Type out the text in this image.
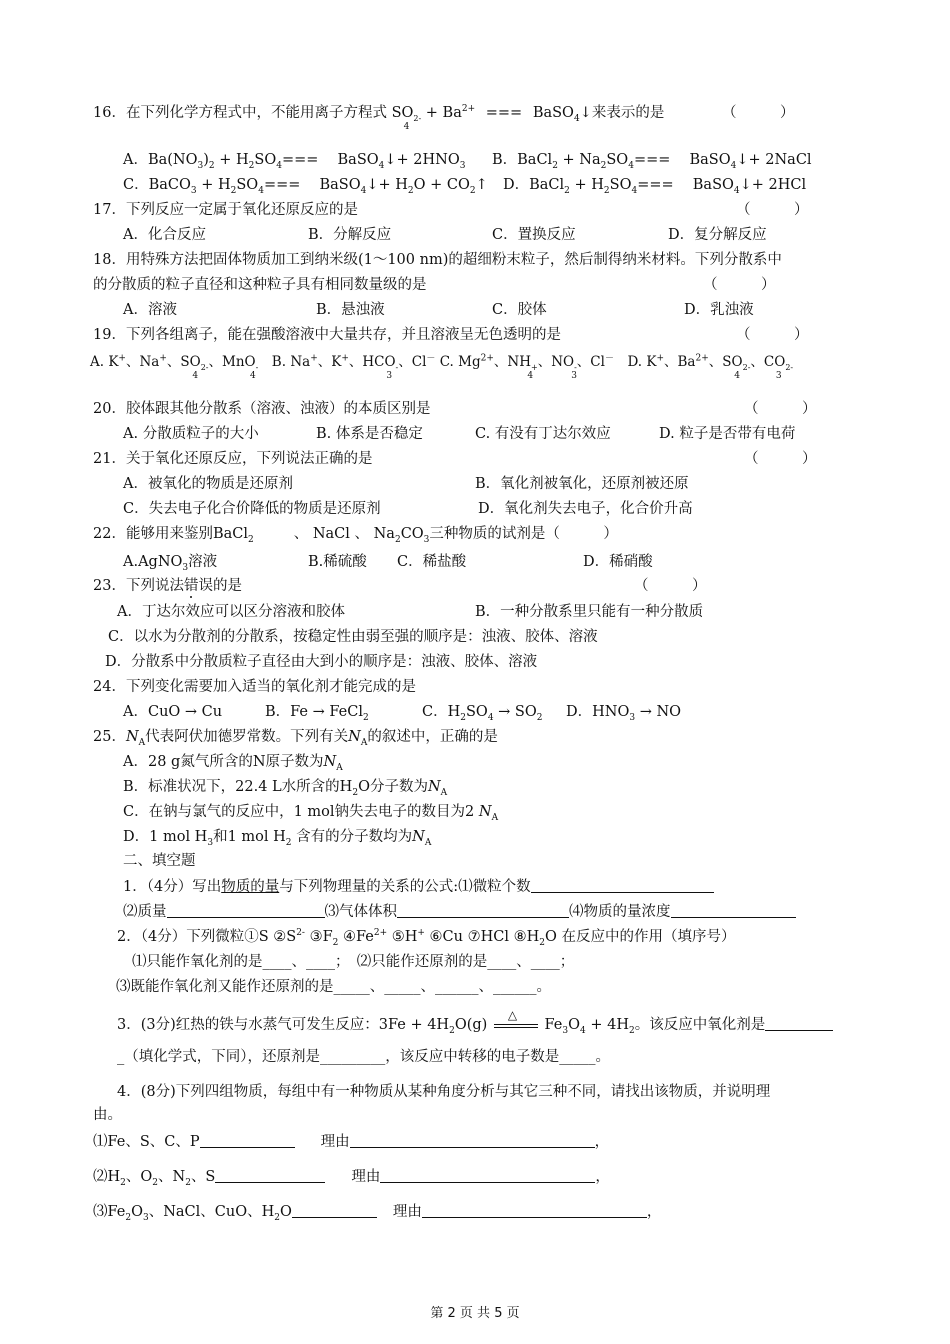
16．在下列化学方程式中，不能用离子方程式 $SO_{2-}$
4
+ $Ba^{2+}$ === BaSO$_4$↓来表示的是	（　　　）
A．$Ba(NO_3)_2 + H_2SO_4===$　 BaSO$_4$↓+ $2HNO_3$ B．BaCl$_2$ + $Na_2SO_4===$　 BaSO$_4$↓+ 2NaCl
C．BaCO$_3$ + $H_2SO_4===$　 BaSO$_4$↓+ $H_2O$ + $CO_2↑$ D．BaCl$_2$ + $H_2SO_4===$　 BaSO$_4$↓+ 2HCl
17．下列反应一定属于氧化还原反应的是	（　　　）
A．化合反应	B．分解反应	C．置换反应	D．复分解反应
18．用特殊方法把固体物质加工到纳米级(1～100 nm)的超细粉末粒子，然后制得纳米材料。下列分散系中
的分散质的粒子直径和这种粒子具有相同数量级的是	（　　　）
A．溶液	B．悬浊液	C．胶体	D．乳浊液
19．下列各组离子，能在强酸溶液中大量共存，并且溶液呈无色透明的是	（　　　）
A. K+、Na+、$SO_{2-}$
4
、MnO$_-$
4
　B. Na+、K+、$HCO_-$
3
、Cl－ C. $Mg^{2+}$、$NH_+$
4
、$NO_-$
3
、Cl－　D. K+、$Ba^{2+}$、$SO_{2-}$
4
、$CO_{2-}$
3
20．胶体跟其他分散系（溶液、浊液）的本质区别是	（　　　）
A. 分散质粒子的大小	B. 体系是否稳定	C. 有没有丁达尔效应	D. 粒子是否带有电荷
21．关于氧化还原反应，下列说法正确的是	（　　　）
A．被氧化的物质是还原剂	B．氧化剂被氧化，还原剂被还原
C．失去电子化合价降低的物质是还原剂	D．氧化剂失去电子，化合价升高
22．能够用来鉴别BaCl$_2$	、 NaCl 、 $Na_2CO_3$三种物质的试剂是（　　　）
A.AgNO$_3$溶液	B.稀硫酸 C．稀盐酸	D．稀硝酸
23．下列说法错误的是	（　　　）
A．丁达尔效应可以区分溶液和胶体	B．一种分散系里只能有一种分散质
C．以水为分散剂的分散系，按稳定性由弱至强的顺序是：浊液、胶体、溶液
D．分散系中分散质粒子直径由大到小的顺序是：浊液、胶体、溶液
24．下列变化需要加入适当的氧化剂才能完成的是
A．CuO → Cu	B．Fe → FeCl$_2$	C．$H_2SO_4 \to SO_2$ D．$HNO_3$ → NO
25．$N_A$代表阿伏加德罗常数。下列有关$N_A$的叙述中，正确的是
A．28 g氮气所含的N原子数为$N_A$
B．标准状况下，22.4 L水所含的$H_2O$分子数为$N_A$
C．在钠与氯气的反应中，1 mol钠失去电子的数目为2 $N_A$
D．1 mol $H_3$和1 mol $H_2$ 含有的分子数均为$N_A$
二、填空题
1．（4分）写出物质的量与下列物理量的关系的公式:⑴微粒个数
⑵质量	⑶气体体积	⑷物质的量浓度
2．（4分）下列微粒①S $②S^{2-}$ $③F_2$ $④Fe^{2+}$ ⑤H+ ⑥Cu ⑦HCl $⑧H_2O$ 在反应中的作用（填序号）
⑴只能作氧化剂的是____、____；　⑵只能作还原剂的是____、____；
⑶既能作氧化剂又能作还原剂的是_____、_____、______、______。
3．(3分)红热的铁与水蒸气可发生反应：$3Fe + 4H_2O(g)$
△
$Fe_3O_4 + 4H_2$。该反应中氧化剂是
_（填化学式，下同），还原剂是_________，该反应中转移的电子数是_____。
4．(8分)下列四组物质，每组中有一种物质从某种角度分析与其它三种不同，请找出该物质，并说明理
由。
⑴Fe、S、C、P	理由	，
$⑵H_2$、$O_2$、$N_2$、S	理由	，
$⑶Fe_2O_3$、NaCl、CuO、$H_2O$	理由	，
第 2 页 共 5 页
